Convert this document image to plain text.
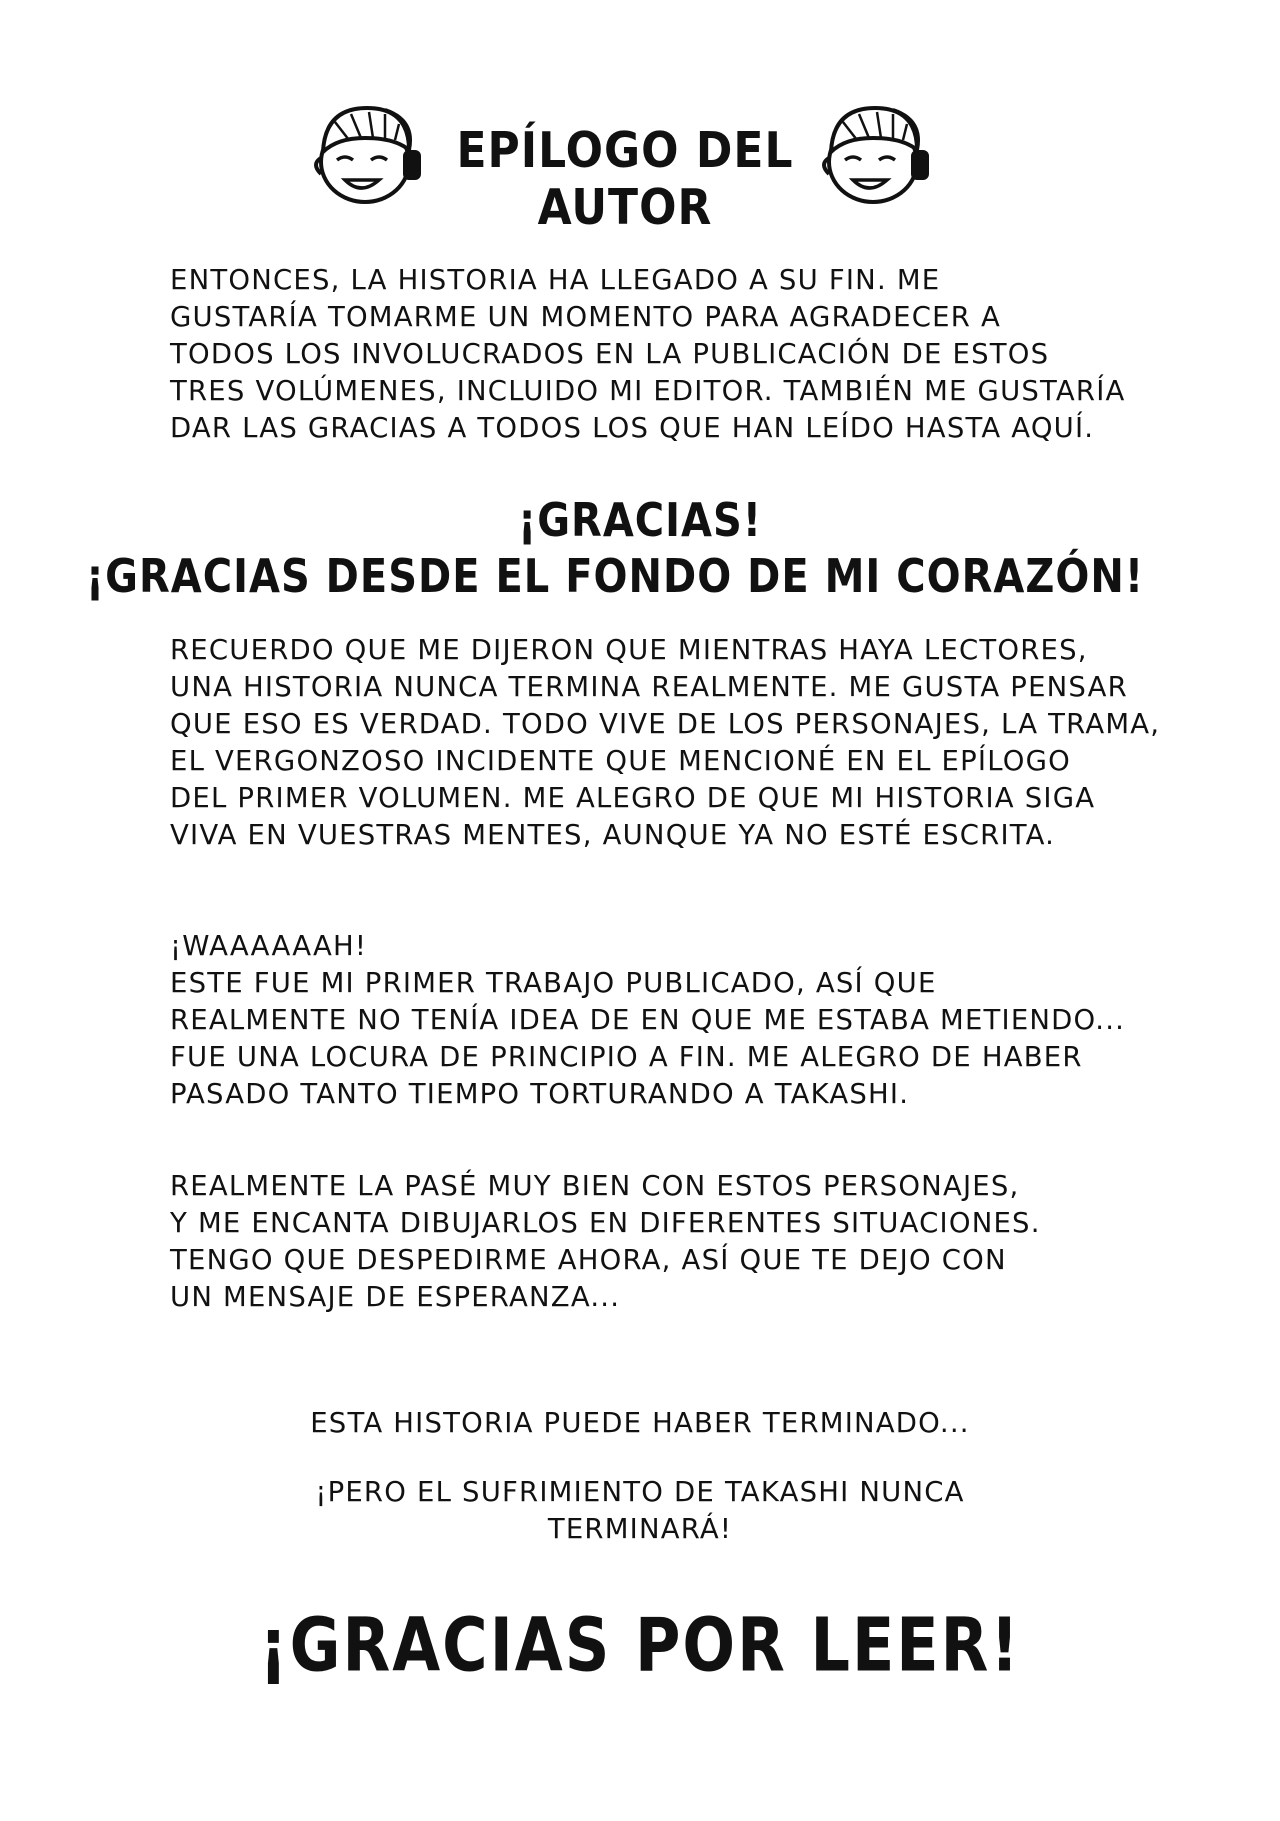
EPÍLOGO DEL AUTOR
ENTONCES, LA HISTORIA HA LLEGADO A SU FIN. ME
GUSTARÍA TOMARME UN MOMENTO PARA AGRADECER A
TODOS LOS INVOLUCRADOS EN LA PUBLICACIÓN DE ESTOS
TRES VOLÚMENES, INCLUIDO MI EDITOR. TAMBIÉN ME GUSTARÍA
DAR LAS GRACIAS A TODOS LOS QUE HAN LEÍDO HASTA AQUÍ.
¡GRACIAS!
¡GRACIAS DESDE EL FONDO DE MI CORAZÓN!
RECUERDO QUE ME DIJERON QUE MIENTRAS HAYA LECTORES,
UNA HISTORIA NUNCA TERMINA REALMENTE. ME GUSTA PENSAR
QUE ESO ES VERDAD. TODO VIVE DE LOS PERSONAJES, LA TRAMA,
EL VERGONZOSO INCIDENTE QUE MENCIONÉ EN EL EPÍLOGO
DEL PRIMER VOLUMEN. ME ALEGRO DE QUE MI HISTORIA SIGA
VIVA EN VUESTRAS MENTES, AUNQUE YA NO ESTÉ ESCRITA.
¡WAAAAAAH!
ESTE FUE MI PRIMER TRABAJO PUBLICADO, ASÍ QUE
REALMENTE NO TENÍA IDEA DE EN QUE ME ESTABA METIENDO...
FUE UNA LOCURA DE PRINCIPIO A FIN. ME ALEGRO DE HABER
PASADO TANTO TIEMPO TORTURANDO A TAKASHI.
REALMENTE LA PASÉ MUY BIEN CON ESTOS PERSONAJES,
Y ME ENCANTA DIBUJARLOS EN DIFERENTES SITUACIONES.
TENGO QUE DESPEDIRME AHORA, ASÍ QUE TE DEJO CON
UN MENSAJE DE ESPERANZA...
ESTA HISTORIA PUEDE HABER TERMINADO...
¡PERO EL SUFRIMIENTO DE TAKASHI NUNCA
TERMINARÁ!
¡GRACIAS POR LEER!
